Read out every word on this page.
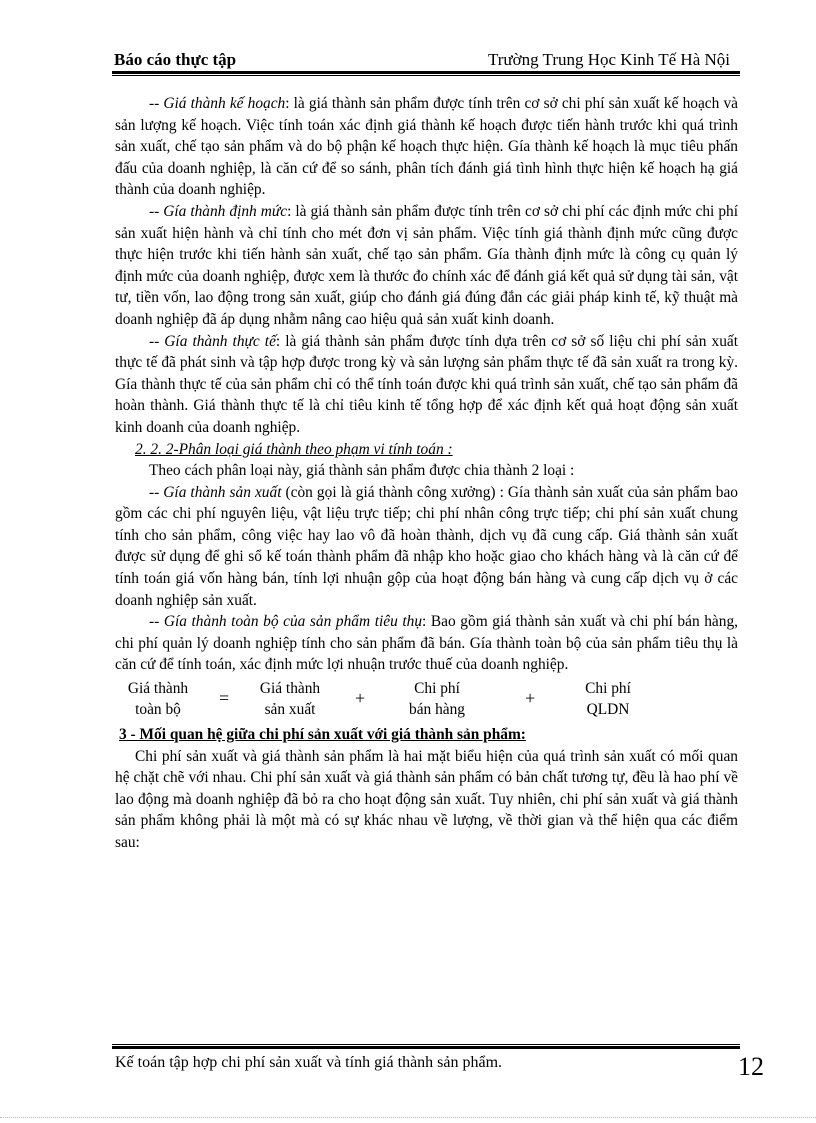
Báo cáo thực tập	Trường Trung Học Kinh Tế Hà Nội

-- Giá thành kế hoạch: là giá thành sản phẩm được tính trên cơ sở chi phí sản xuất kế hoạch và sản lượng kế hoạch. Việc tính toán xác định giá thành kế hoạch được tiến hành trước khi quá trình sản xuất, chế tạo sản phẩm và do bộ phận kế hoạch thực hiện. Gía thành kế hoạch là mục tiêu phấn đấu của doanh nghiệp, là căn cứ để so sánh, phân tích đánh giá tình hình thực hiện kế hoạch hạ giá thành của doanh nghiệp.

-- Gía thành định mức: là giá thành sản phẩm được tính trên cơ sở chi phí các định mức chi phí sản xuất hiện hành và chỉ tính cho mét đơn vị sản phẩm. Việc tính giá thành định mức cũng được thực hiện trước khi tiến hành sản xuất, chế tạo sản phẩm. Gía thành định mức là công cụ quản lý định mức của doanh nghiệp, được xem là thước đo chính xác để đánh giá kết quả sử dụng tài sản, vật tư, tiền vốn, lao động trong sản xuất, giúp cho đánh giá đúng đắn các giải pháp kinh tế, kỹ thuật mà doanh nghiệp đã áp dụng nhằm nâng cao hiệu quả sản xuất kinh doanh.

-- Gía thành thực tế: là giá thành sản phẩm được tính dựa trên cơ sở số liệu chi phí sản xuất thực tế đã phát sinh và tập hợp được trong kỳ và sản lượng sản phẩm thực tế đã sản xuất ra trong kỳ. Gía thành thực tế của sản phẩm chỉ có thể tính toán được khi quá trình sản xuất, chế tạo sản phẩm đã hoàn thành. Giá thành thực tế là chỉ tiêu kinh tế tổng hợp để xác định kết quả hoạt động sản xuất kinh doanh của doanh nghiệp.

2. 2. 2-Phân loại giá thành theo phạm vi tính toán :

Theo cách phân loại này, giá thành sản phẩm được chia thành 2 loại :

-- Gía thành sản xuất (còn gọi là giá thành công xưởng) : Gía thành sản xuất của sản phẩm bao gồm các chi phí nguyên liệu, vật liệu trực tiếp; chi phí nhân công trực tiếp; chi phí sản xuất chung tính cho sản phẩm, công việc hay lao vô đã hoàn thành, dịch vụ đã cung cấp. Giá thành sản xuất được sử dụng để ghi sổ kế toán thành phẩm đã nhập kho hoặc giao cho khách hàng và là căn cứ để tính toán giá vốn hàng bán, tính lợi nhuận gộp của hoạt động bán hàng và cung cấp dịch vụ ở các doanh nghiệp sản xuất.

-- Gía thành toàn bộ của sản phẩm tiêu thụ: Bao gồm giá thành sản xuất và chi phí bán hàng, chi phí quản lý doanh nghiệp tính cho sản phẩm đã bán. Gía thành toàn bộ của sản phẩm tiêu thụ là căn cứ để tính toán, xác định mức lợi nhuận trước thuế của doanh nghiệp.

Giá thành
toàn bộ
=	Giá thành
sản xuất
+	Chi phí
bán hàng
+	Chi phí
QLDN

3 - Mối quan hệ giữa chi phí sản xuất với giá thành sản phẩm:

Chi phí sản xuất và giá thành sản phẩm là hai mặt biểu hiện của quá trình sản xuất có mối quan hệ chặt chẽ với nhau. Chi phí sản xuất và giá thành sản phẩm có bản chất tương tự, đều là hao phí về lao động mà doanh nghiệp đã bỏ ra cho hoạt động sản xuất. Tuy nhiên, chi phí sản xuất và giá thành sản phẩm không phải là một mà có sự khác nhau về lượng, về thời gian và thể hiện qua các điểm sau:

Kế toán tập hợp chi phí sản xuất và tính giá thành sản phẩm.	12
